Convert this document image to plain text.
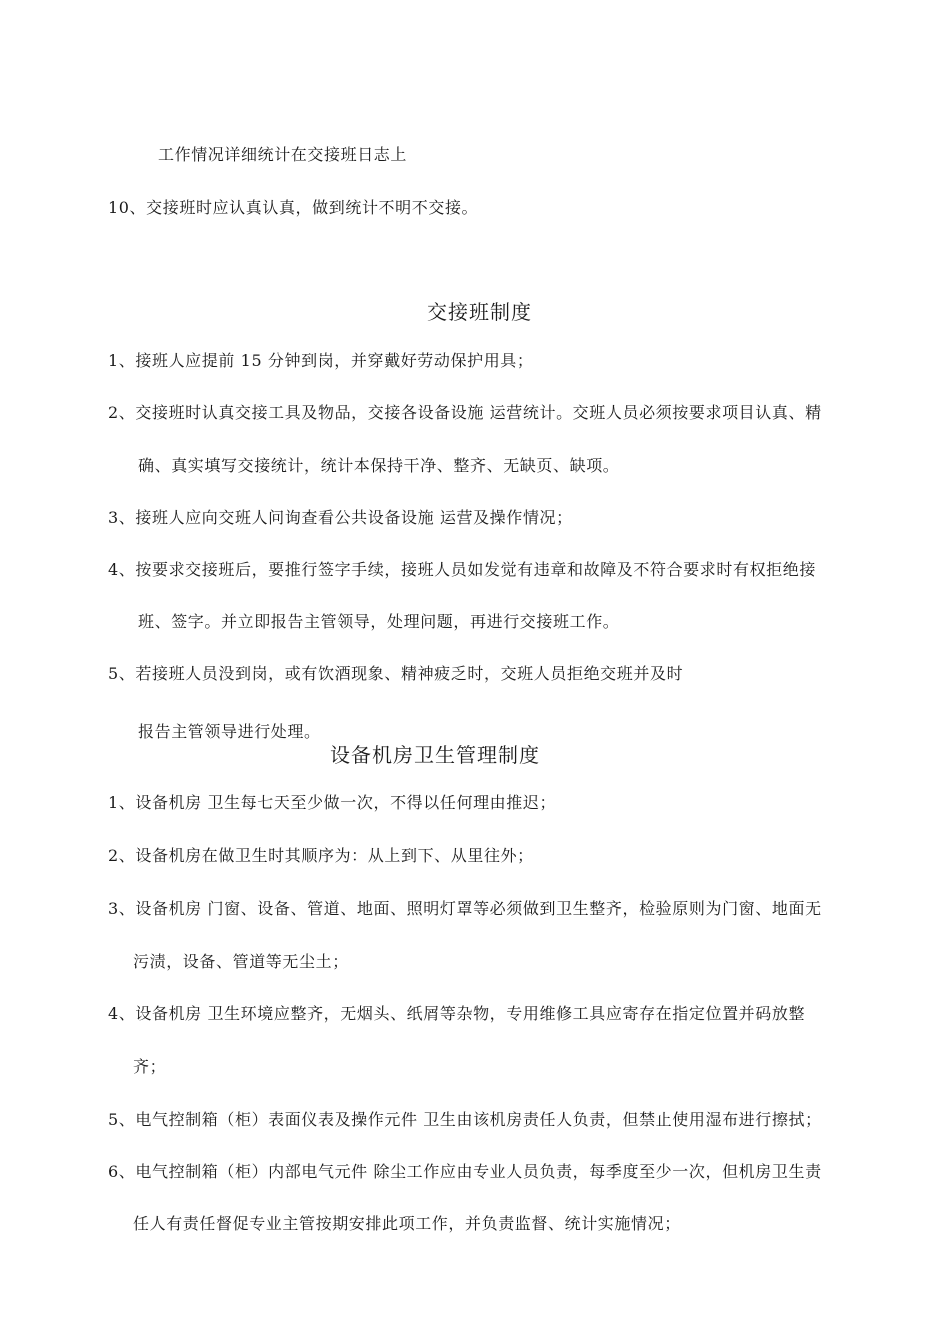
工作情况详细统计在交接班日志上
10、交接班时应认真认真，做到统计不明不交接。
交接班制度
1、接班人应提前 15 分钟到岗，并穿戴好劳动保护用具；
2、交接班时认真交接工具及物品，交接各设备设施 运营统计。交班人员必须按要求项目认真、精
确、真实填写交接统计，统计本保持干净、整齐、无缺页、缺项。
3、接班人应向交班人问询查看公共设备设施 运营及操作情况；
4、按要求交接班后，要推行签字手续，接班人员如发觉有违章和故障及不符合要求时有权拒绝接
班、签字。并立即报告主管领导，处理问题，再进行交接班工作。
5、若接班人员没到岗，或有饮酒现象、精神疲乏时，交班人员拒绝交班并及时
报告主管领导进行处理。
设备机房卫生管理制度
1、设备机房 卫生每七天至少做一次，不得以任何理由推迟；
2、设备机房在做卫生时其顺序为：从上到下、从里往外；
3、设备机房 门窗、设备、管道、地面、照明灯罩等必须做到卫生整齐，检验原则为门窗、地面无
污渍，设备、管道等无尘土；
4、设备机房 卫生环境应整齐，无烟头、纸屑等杂物，专用维修工具应寄存在指定位置并码放整
齐；
5、电气控制箱（柜）表面仪表及操作元件 卫生由该机房责任人负责，但禁止使用湿布进行擦拭；
6、电气控制箱（柜）内部电气元件 除尘工作应由专业人员负责，每季度至少一次，但机房卫生责
任人有责任督促专业主管按期安排此项工作，并负责监督、统计实施情况；
